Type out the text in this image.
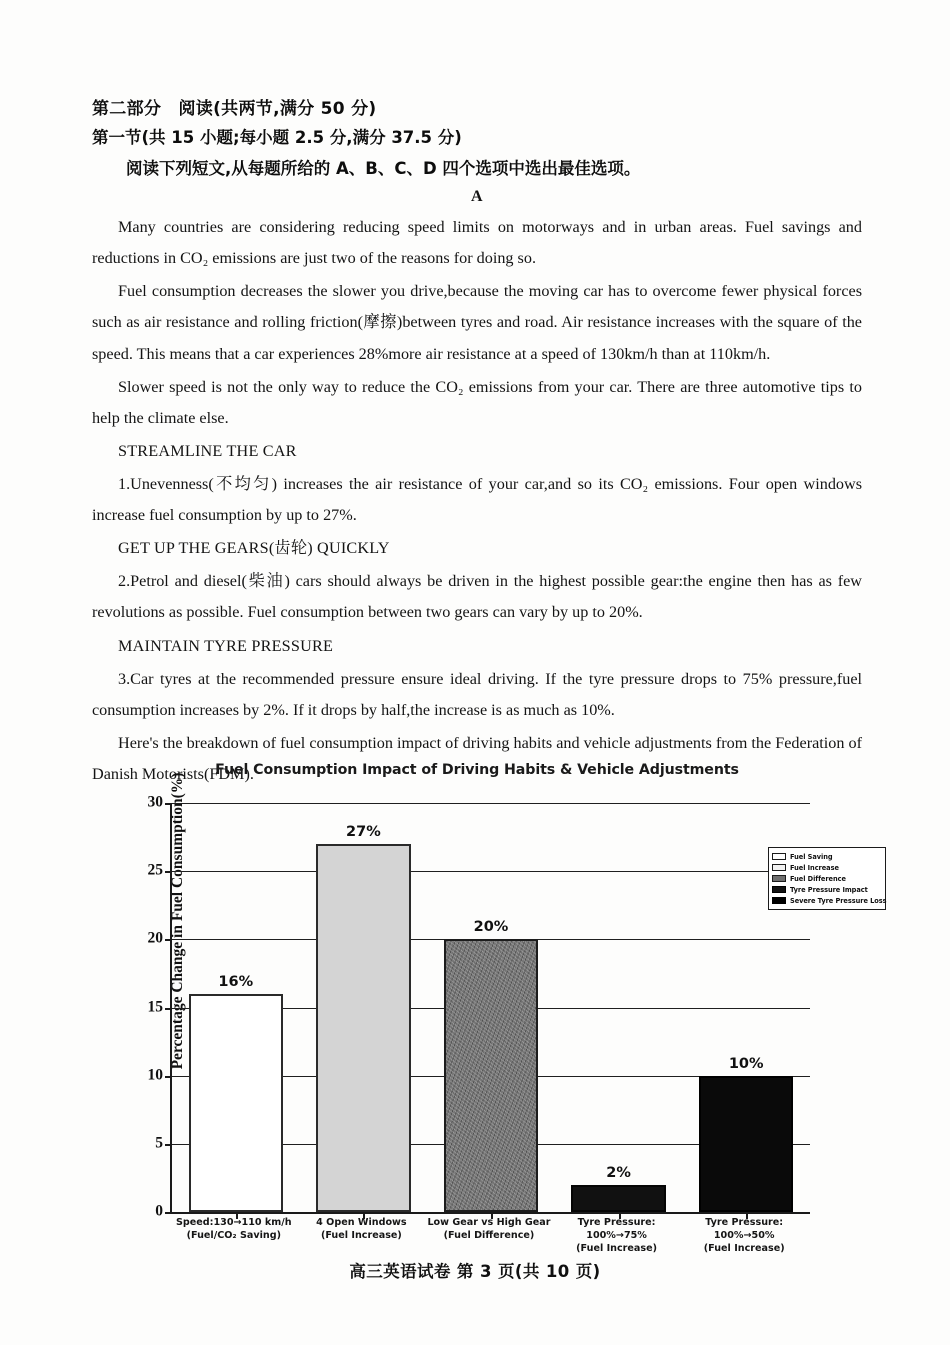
第二部分　阅读(共两节,满分 50 分)
第一节(共 15 小题;每小题 2.5 分,满分 37.5 分)
阅读下列短文,从每题所给的 A、B、C、D 四个选项中选出最佳选项。
A

Many countries are considering reducing speed limits on motorways and in urban areas. Fuel savings and reductions in CO₂ emissions are just two of the reasons for doing so.

Fuel consumption decreases the slower you drive,because the moving car has to overcome fewer physical forces such as air resistance and rolling friction(摩擦)between tyres and road. Air resistance increases with the square of the speed. This means that a car experiences 28%more air resistance at a speed of 130km/h than at 110km/h.

Slower speed is not the only way to reduce the CO₂ emissions from your car. There are three automotive tips to help the climate else.

STREAMLINE THE CAR

1.Unevenness(不均匀) increases the air resistance of your car,and so its CO₂ emissions. Four open windows increase fuel consumption by up to 27%.

GET UP THE GEARS(齿轮) QUICKLY

2.Petrol and diesel(柴油) cars should always be driven in the highest possible gear:the engine then has as few revolutions as possible. Fuel consumption between two gears can vary by up to 20%.

MAINTAIN TYRE PRESSURE

3.Car tyres at the recommended pressure ensure ideal driving. If the tyre pressure drops to 75% pressure,fuel consumption increases by 2%. If it drops by half,the increase is as much as 10%.

Here's the breakdown of fuel consumption impact of driving habits and vehicle adjustments from the Federation of Danish Motorists(FDM).

Fuel Consumption Impact of Driving Habits & Vehicle Adjustments
Percentage Change in Fuel Consumption(%)
0
5
10
15
20
25
30
16%
27%
20%
2%
10%
Fuel Saving
Fuel Increase
Fuel Difference
Tyre Pressure Impact
Severe Tyre Pressure Loss
Speed:130→110 km/h
(Fuel/CO₂ Saving)
4 Open Windows
(Fuel Increase)
Low Gear vs High Gear
(Fuel Difference)
Tyre Pressure: 100%→75%
(Fuel Increase)
Tyre Pressure: 100%→50%
(Fuel Increase)
高三英语试卷 第 3 页(共 10 页)
